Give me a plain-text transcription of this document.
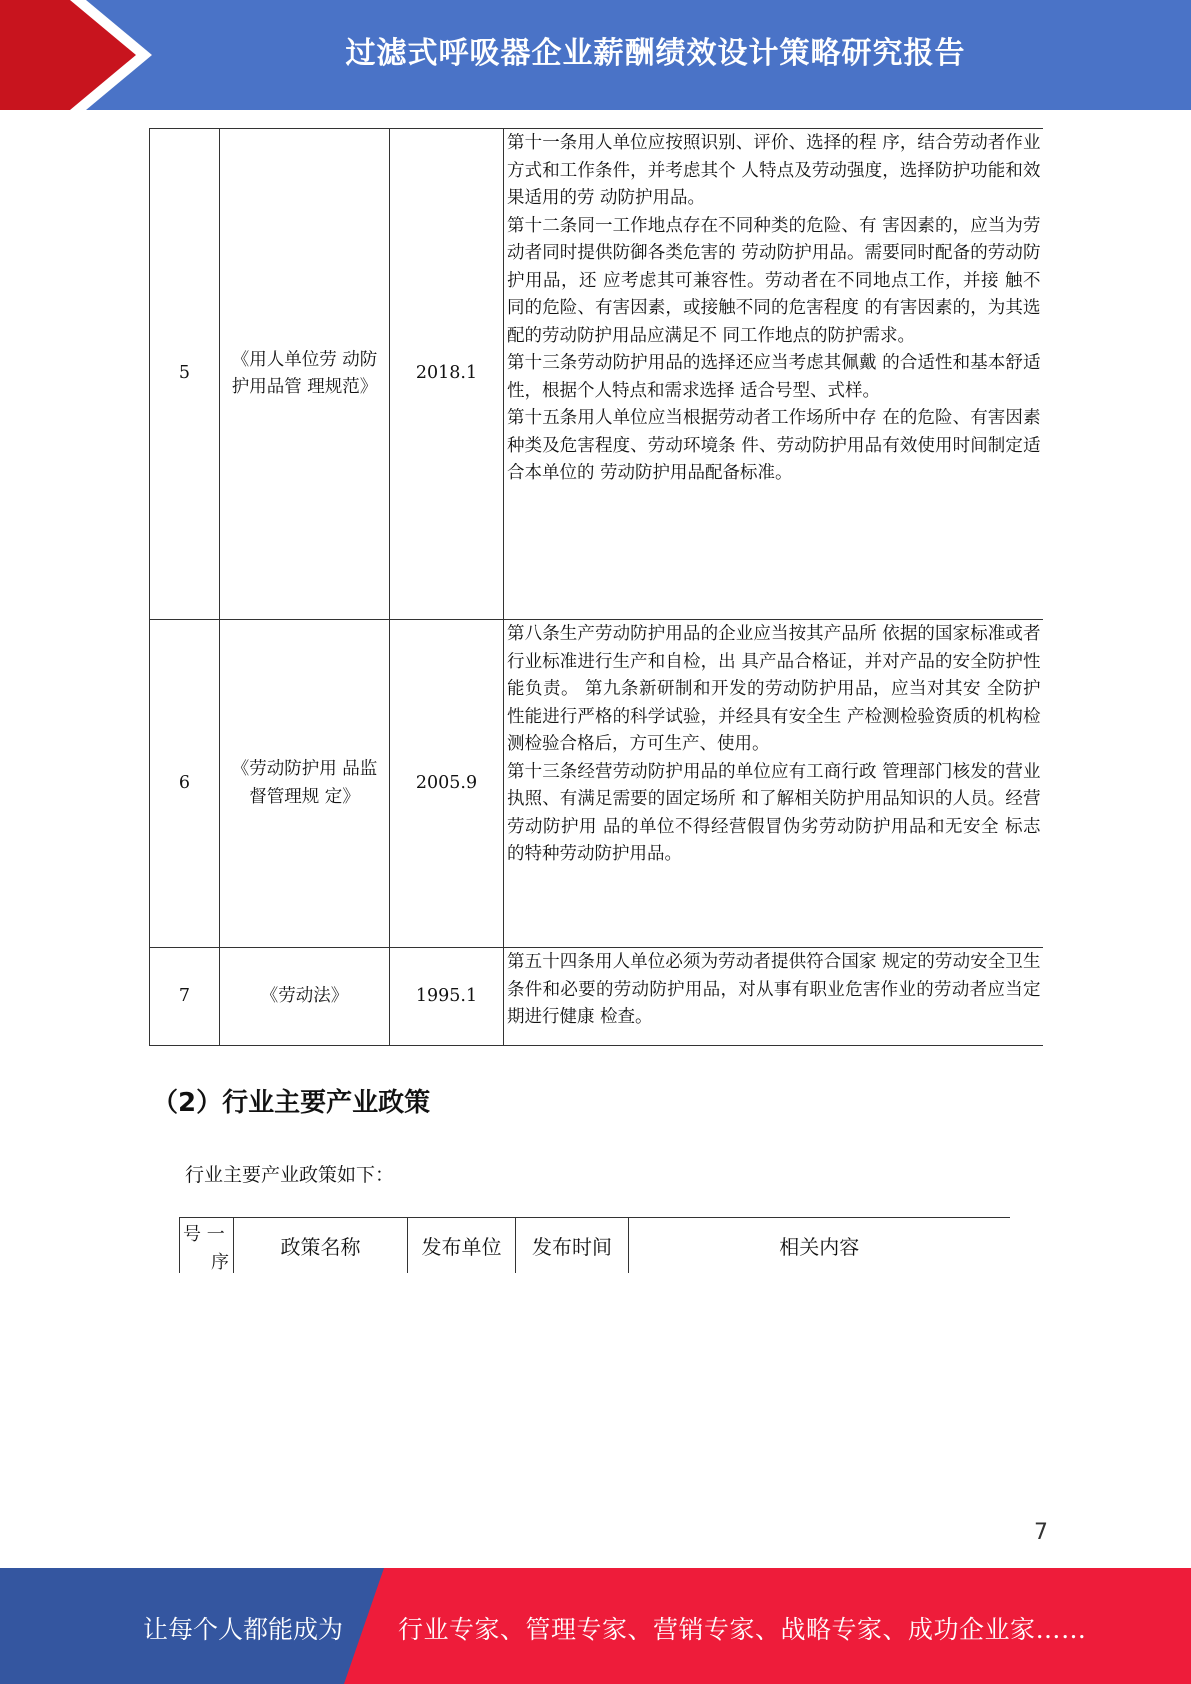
过滤式呼吸器企业薪酬绩效设计策略研究报告
5	《用人单位劳 动防护用品管 理规范》	2018.1	第十一条用人单位应按照识别、评价、选择的程 序，结合劳动者作业方式和工作条件，并考虑其个 人特点及劳动强度，选择防护功能和效果适用的劳 动防护用品。

第十二条同一工作地点存在不同种类的危险、有 害因素的，应当为劳动者同时提供防御各类危害的 劳动防护用品。需要同时配备的劳动防护用品，还 应考虑其可兼容性。劳动者在不同地点工作，并接 触不同的危险、有害因素，或接触不同的危害程度 的有害因素的，为其选配的劳动防护用品应满足不 同工作地点的防护需求。

第十三条劳动防护用品的选择还应当考虑其佩戴 的合适性和基本舒适性，根据个人特点和需求选择 适合号型、式样。

第十五条用人单位应当根据劳动者工作场所中存 在的危险、有害因素种类及危害程度、劳动环境条 件、劳动防护用品有效使用时间制定适合本单位的 劳动防护用品配备标准。

6	《劳动防护用 品监督管理规 定》	2005.9	第八条生产劳动防护用品的企业应当按其产品所 依据的国家标准或者行业标准进行生产和自检，出 具产品合格证，并对产品的安全防护性能负责。 第九条新研制和开发的劳动防护用品，应当对其安 全防护性能进行严格的科学试验，并经具有安全生 产检测检验资质的机构检测检验合格后，方可生产、使用。

第十三条经营劳动防护用品的单位应有工商行政 管理部门核发的营业执照、有满足需要的固定场所 和了解相关防护用品知识的人员。经营劳动防护用 品的单位不得经营假冒伪劣劳动防护用品和无安全 标志的特种劳动防护用品。

7	《劳动法》	1995.1	第五十四条用人单位必须为劳动者提供符合国家 规定的劳动安全卫生条件和必要的劳动防护用品，对从事有职业危害作业的劳动者应当定期进行健康 检查。

（2）行业主要产业政策
行业主要产业政策如下：
号 一
序
	政策名称	发布单位	发布时间	相关内容
7
让每个人都能成为 行业专家、管理专家、营销专家、战略专家、成功企业家……
